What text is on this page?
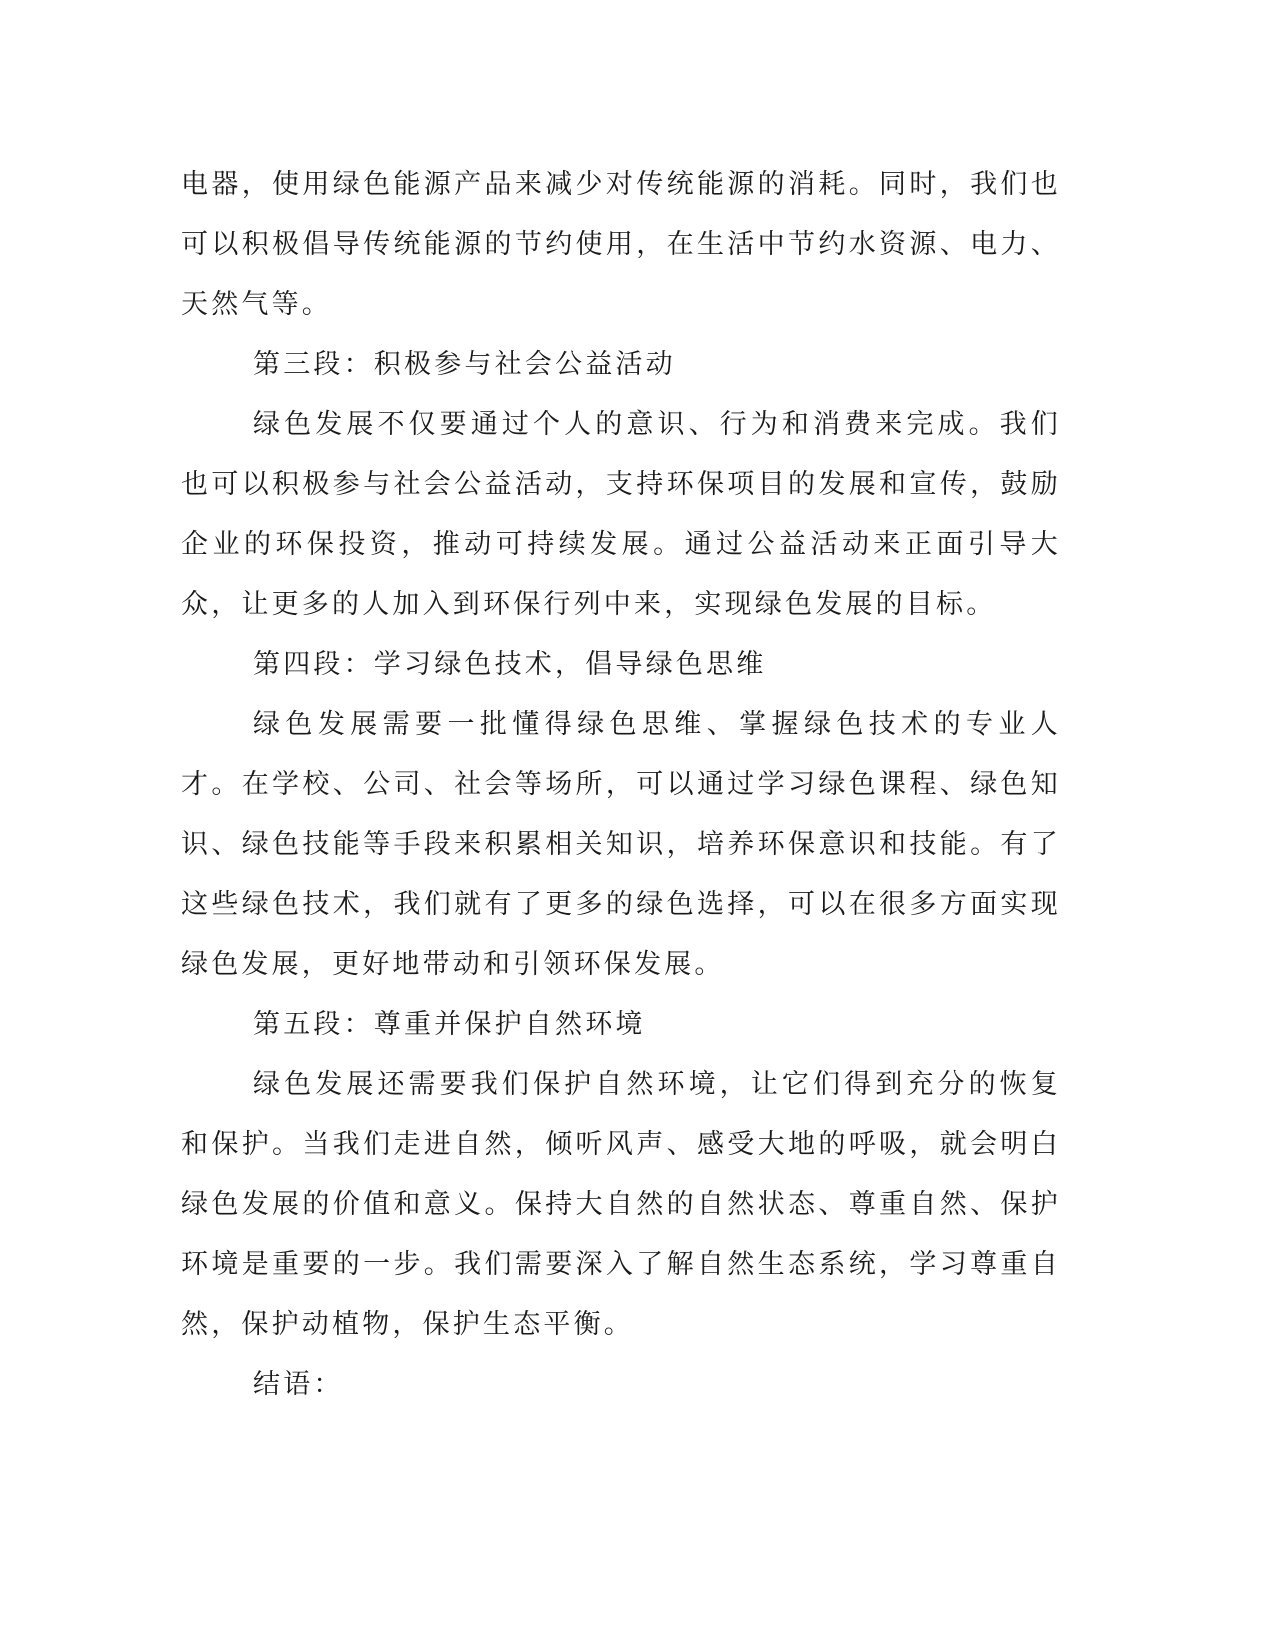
电器，使用绿色能源产品来减少对传统能源的消耗。同时，我们也可以积极倡导传统能源的节约使用，在生活中节约水资源、电力、天然气等。

第三段：积极参与社会公益活动

绿色发展不仅要通过个人的意识、行为和消费来完成。我们也可以积极参与社会公益活动，支持环保项目的发展和宣传，鼓励企业的环保投资，推动可持续发展。通过公益活动来正面引导大众，让更多的人加入到环保行列中来，实现绿色发展的目标。

第四段：学习绿色技术，倡导绿色思维

绿色发展需要一批懂得绿色思维、掌握绿色技术的专业人才。在学校、公司、社会等场所，可以通过学习绿色课程、绿色知识、绿色技能等手段来积累相关知识，培养环保意识和技能。有了这些绿色技术，我们就有了更多的绿色选择，可以在很多方面实现绿色发展，更好地带动和引领环保发展。

第五段：尊重并保护自然环境

绿色发展还需要我们保护自然环境，让它们得到充分的恢复和保护。当我们走进自然，倾听风声、感受大地的呼吸，就会明白绿色发展的价值和意义。保持大自然的自然状态、尊重自然、保护环境是重要的一步。我们需要深入了解自然生态系统，学习尊重自然，保护动植物，保护生态平衡。

结语：
